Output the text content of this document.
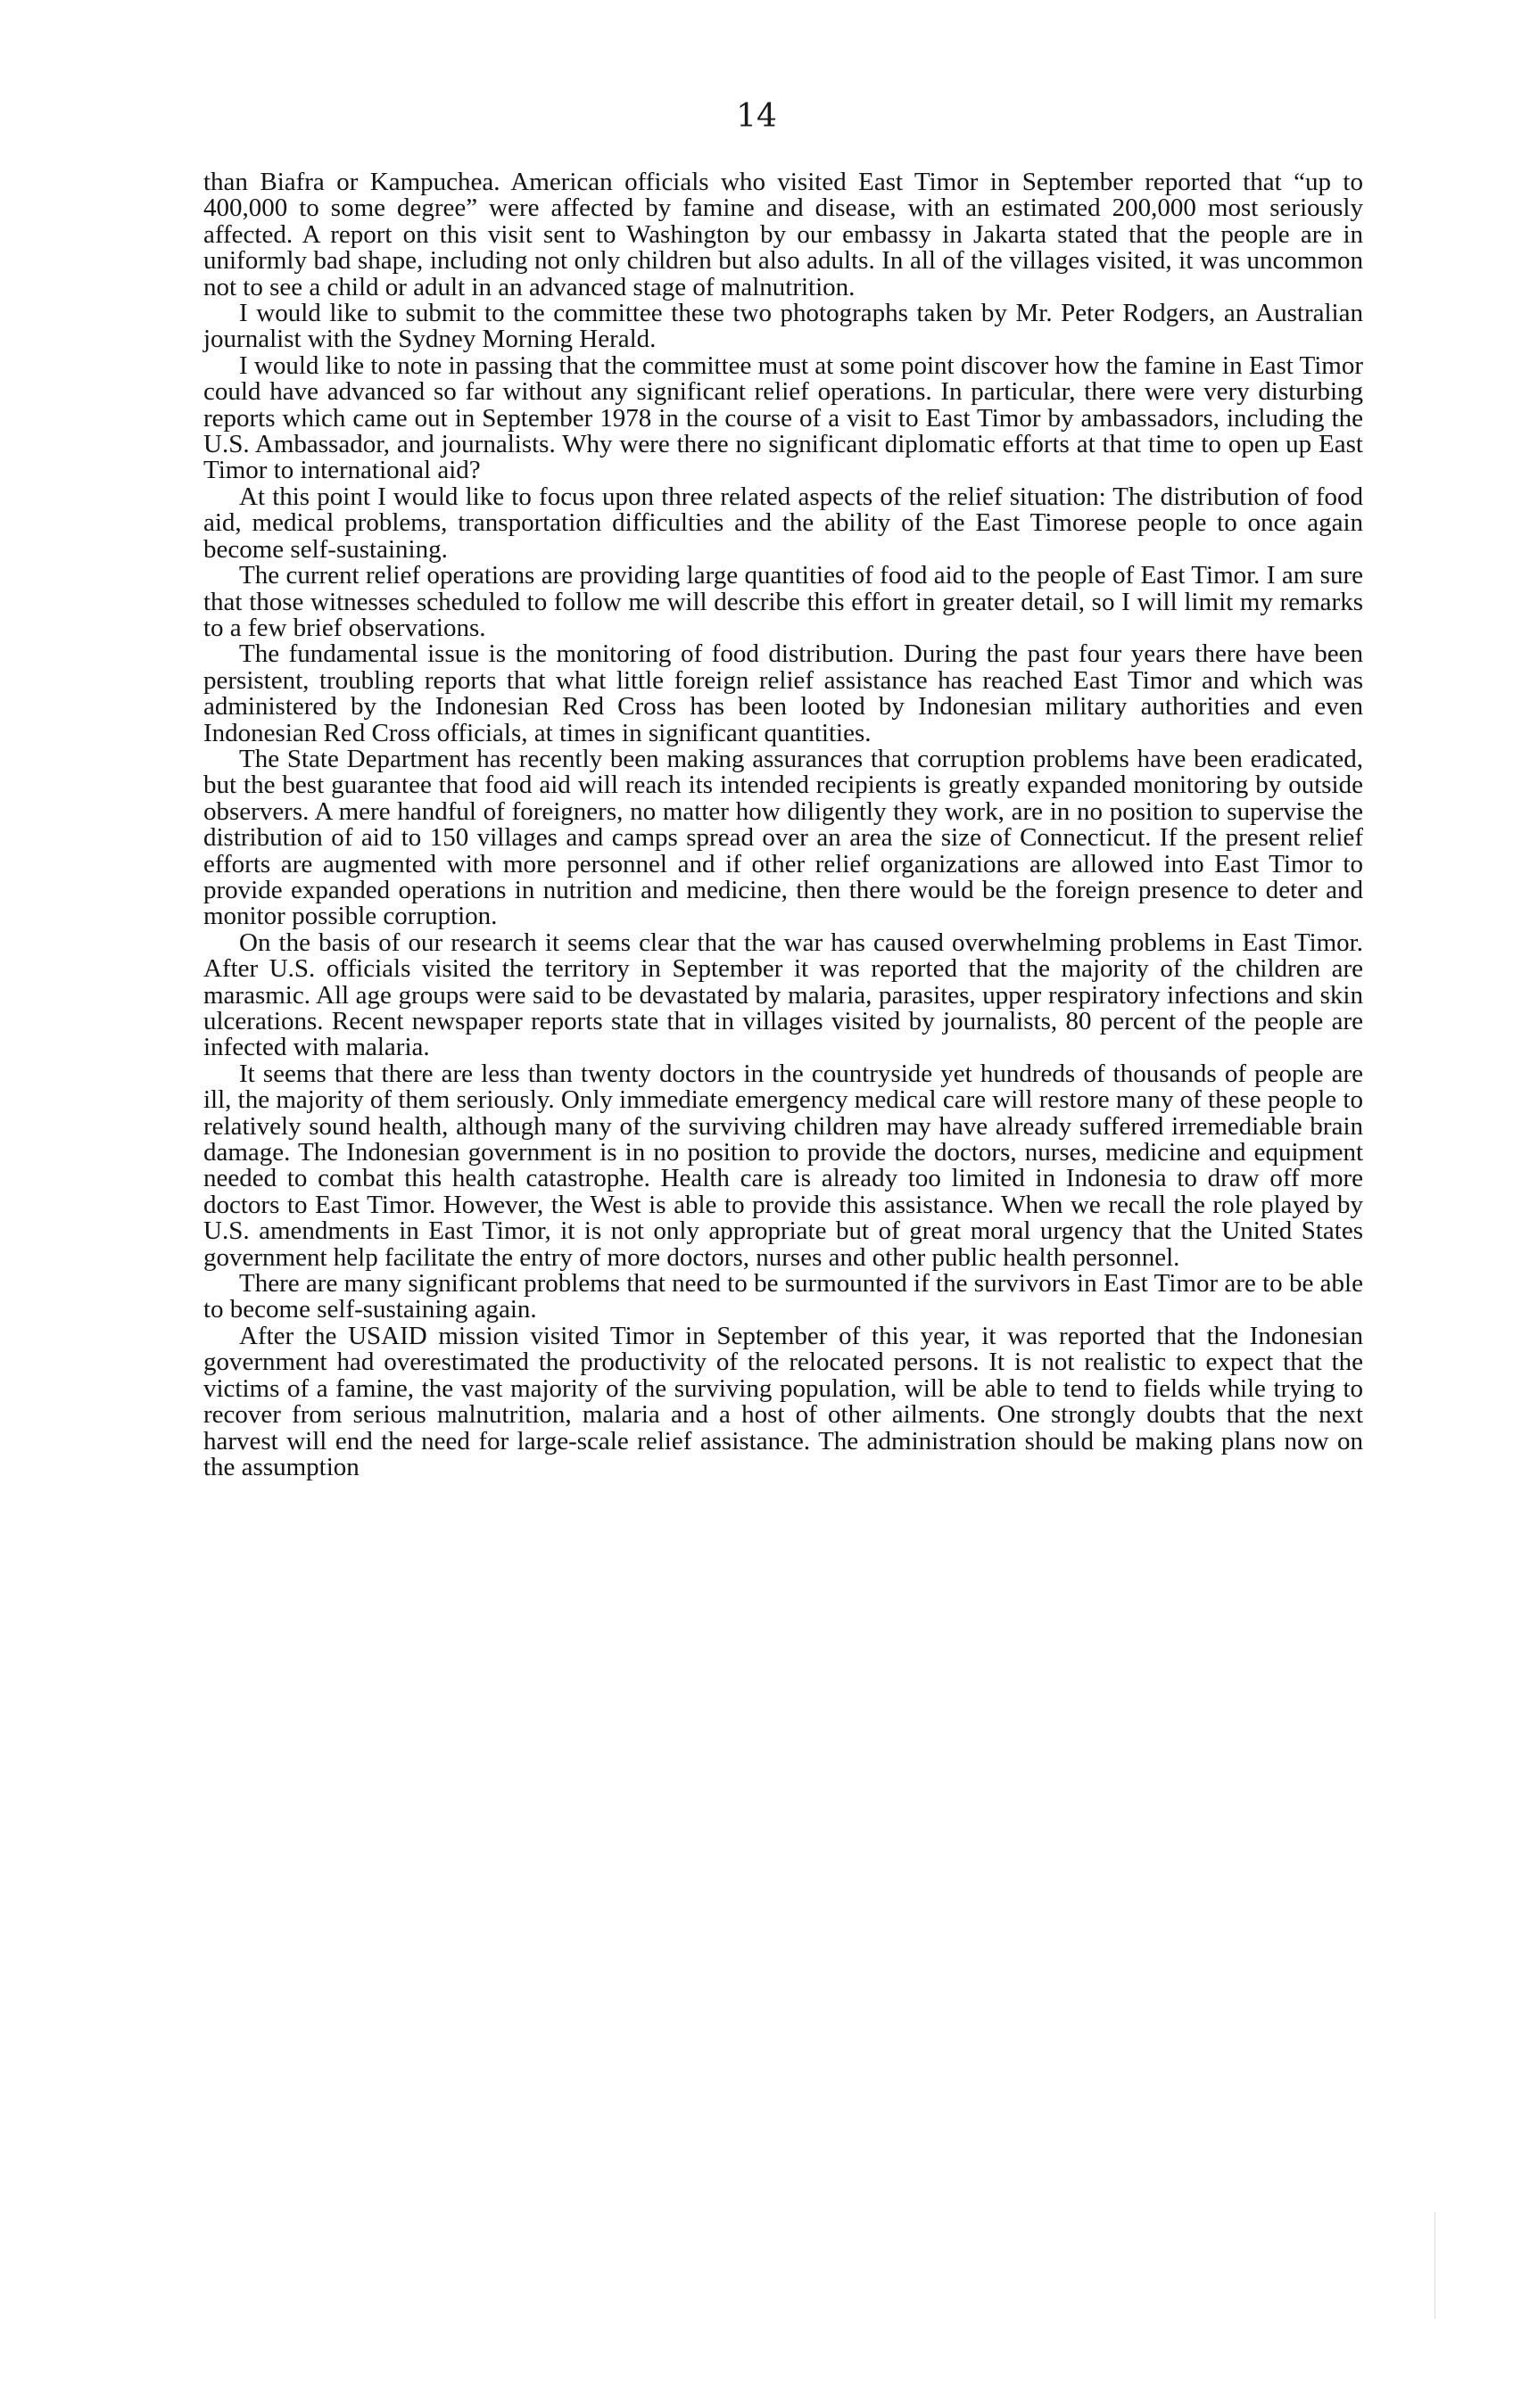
14

than Biafra or Kampuchea. American officials who visited East Timor in September reported that “up to 400,000 to some degree” were affected by famine and disease, with an estimated 200,000 most seriously affected. A report on this visit sent to Washington by our embassy in Jakarta stated that the people are in uniformly bad shape, including not only children but also adults. In all of the villages visited, it was uncommon not to see a child or adult in an advanced stage of malnutrition.

I would like to submit to the committee these two photographs taken by Mr. Peter Rodgers, an Australian journalist with the Sydney Morning Herald.

I would like to note in passing that the committee must at some point discover how the famine in East Timor could have advanced so far without any significant relief operations. In particular, there were very disturbing reports which came out in September 1978 in the course of a visit to East Timor by ambassadors, including the U.S. Ambassador, and journalists. Why were there no significant diplomatic efforts at that time to open up East Timor to international aid?

At this point I would like to focus upon three related aspects of the relief situation: The distribution of food aid, medical problems, transportation difficulties and the ability of the East Timorese people to once again become self-sustaining.

The current relief operations are providing large quantities of food aid to the people of East Timor. I am sure that those witnesses scheduled to follow me will describe this effort in greater detail, so I will limit my remarks to a few brief observations.

The fundamental issue is the monitoring of food distribution. During the past four years there have been persistent, troubling reports that what little foreign relief assistance has reached East Timor and which was administered by the Indonesian Red Cross has been looted by Indonesian military authorities and even Indonesian Red Cross officials, at times in significant quantities.

The State Department has recently been making assurances that corruption problems have been eradicated, but the best guarantee that food aid will reach its intended recipients is greatly expanded monitoring by outside observers. A mere handful of foreigners, no matter how diligently they work, are in no position to supervise the distribution of aid to 150 villages and camps spread over an area the size of Connecticut. If the present relief efforts are augmented with more personnel and if other relief organizations are allowed into East Timor to provide expanded operations in nutrition and medicine, then there would be the foreign presence to deter and monitor possible corruption.

On the basis of our research it seems clear that the war has caused overwhelming problems in East Timor. After U.S. officials visited the territory in September it was reported that the majority of the children are marasmic. All age groups were said to be devastated by malaria, parasites, upper respiratory infections and skin ulcerations. Recent newspaper reports state that in villages visited by journalists, 80 percent of the people are infected with malaria.

It seems that there are less than twenty doctors in the countryside yet hundreds of thousands of people are ill, the majority of them seriously. Only immediate emergency medical care will restore many of these people to relatively sound health, although many of the surviving children may have already suffered irremediable brain damage. The Indonesian government is in no position to provide the doctors, nurses, medicine and equipment needed to combat this health catastrophe. Health care is already too limited in Indonesia to draw off more doctors to East Timor. However, the West is able to provide this assistance. When we recall the role played by U.S. amendments in East Timor, it is not only appropriate but of great moral urgency that the United States government help facilitate the entry of more doctors, nurses and other public health personnel.

There are many significant problems that need to be surmounted if the survivors in East Timor are to be able to become self-sustaining again.

After the USAID mission visited Timor in September of this year, it was reported that the Indonesian government had overestimated the productivity of the relocated persons. It is not realistic to expect that the victims of a famine, the vast majority of the surviving population, will be able to tend to fields while trying to recover from serious malnutrition, malaria and a host of other ailments. One strongly doubts that the next harvest will end the need for large-scale relief assistance. The administration should be making plans now on the assumption
